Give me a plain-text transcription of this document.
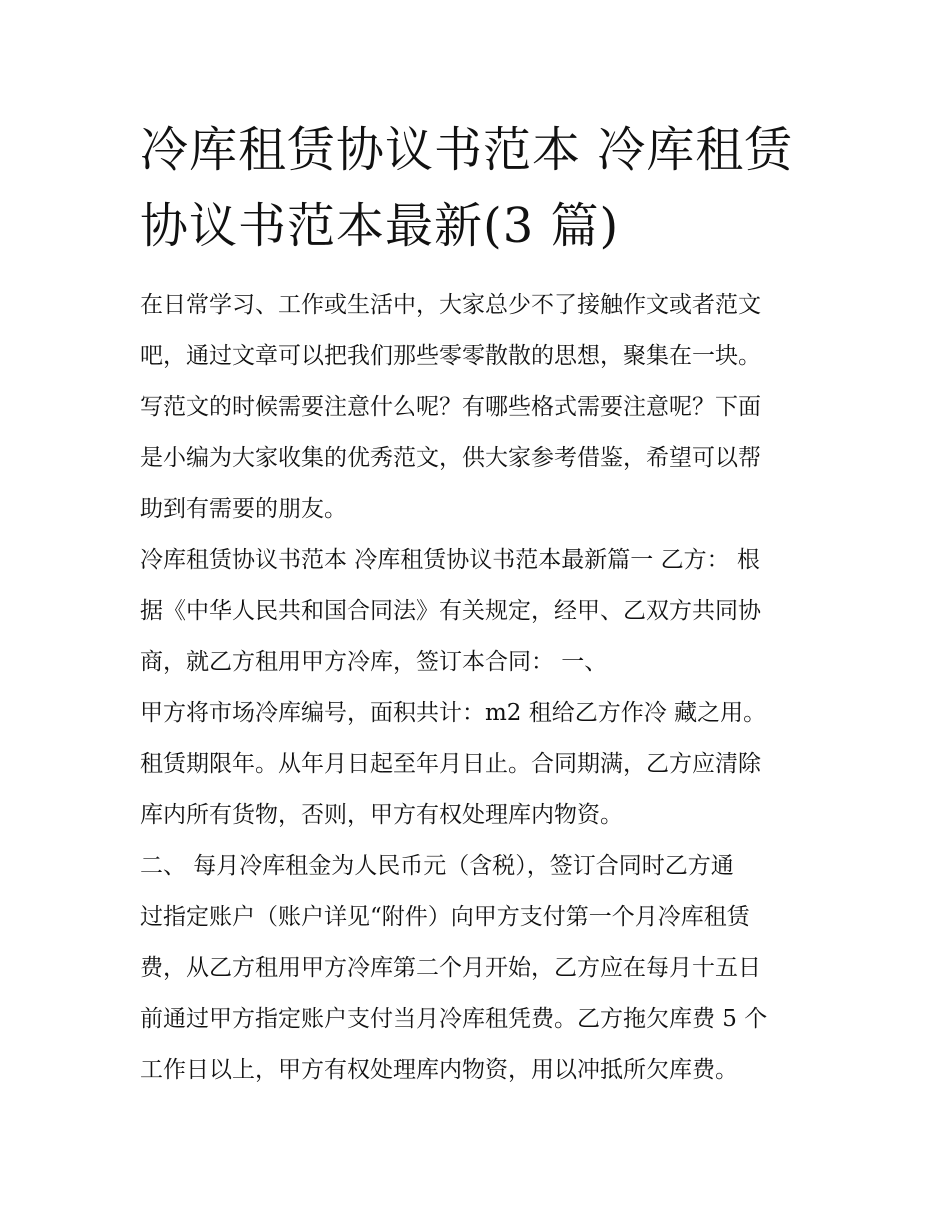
冷库租赁协议书范本 冷库租赁
协议书范本最新(3 篇)
在日常学习、工作或生活中，大家总少不了接触作文或者范文
吧，通过文章可以把我们那些零零散散的思想，聚集在一块。
写范文的时候需要注意什么呢？有哪些格式需要注意呢？下面
是小编为大家收集的优秀范文，供大家参考借鉴，希望可以帮
助到有需要的朋友。
冷库租赁协议书范本 冷库租赁协议书范本最新篇一 乙方： 根
据《中华人民共和国合同法》有关规定，经甲、乙双方共同协
商，就乙方租用甲方冷库，签订本合同： 一、
甲方将市场冷库编号，面积共计：m2 租给乙方作冷 藏之用。
租赁期限年。从年月日起至年月日止。合同期满，乙方应清除
库内所有货物，否则，甲方有权处理库内物资。
二、 每月冷库租金为人民币元（含税），签订合同时乙方通
过指定账户（账户详见“附件）向甲方支付第一个月冷库租赁
费，从乙方租用甲方冷库第二个月开始，乙方应在每月十五日
前通过甲方指定账户支付当月冷库租凭费。乙方拖欠库费 5 个
工作日以上，甲方有权处理库内物资，用以冲抵所欠库费。
